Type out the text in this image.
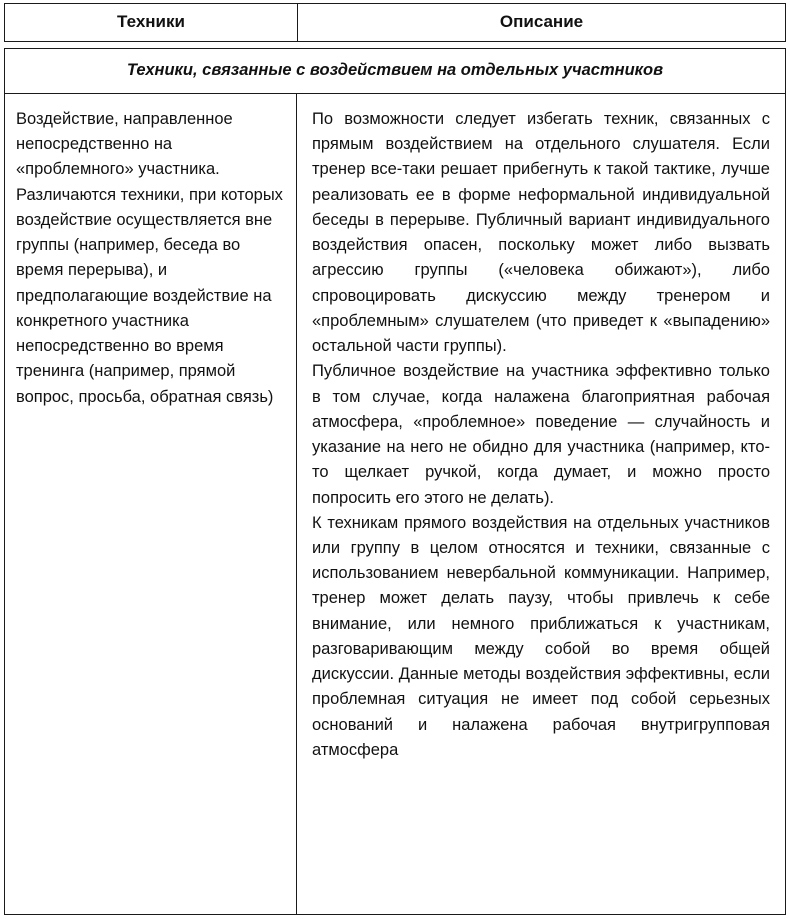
Техники	Описание
Техники, связанные с воздействием на отдельных участников
Воздействие, направленное непосредственно на «проблемного» участника. Различаются техники, при которых воздействие осуществляется вне группы (например, беседа во время перерыва), и предполагающие воздействие на конкретного участника непосредственно во время тренинга (например, прямой вопрос, просьба, обратная связь)

По возможности следует избегать техник, связанных с прямым воздействием на отдельного слушателя. Если тренер все-таки решает прибегнуть к такой тактике, лучше реализовать ее в форме неформальной индивидуальной беседы в перерыве. Публичный вариант индивидуального воздействия опасен, поскольку может либо вызвать агрессию группы («человека обижают»), либо спровоцировать дискуссию между тренером и «проблемным» слушателем (что приведет к «выпадению» остальной части группы).

Публичное воздействие на участника эффективно только в том случае, когда налажена благоприятная рабочая атмосфера, «проблемное» поведение — случайность и указание на него не обидно для участника (например, кто-то щелкает ручкой, когда думает, и можно просто попросить его этого не делать).

К техникам прямого воздействия на отдельных участников или группу в целом относятся и техники, связанные с использованием невербальной коммуникации. Например, тренер может делать паузу, чтобы привлечь к себе внимание, или немного приближаться к участникам, разговаривающим между собой во время общей дискуссии. Данные методы воздействия эффективны, если проблемная ситуация не имеет под собой серьезных оснований и налажена рабочая внутригрупповая атмосфера
